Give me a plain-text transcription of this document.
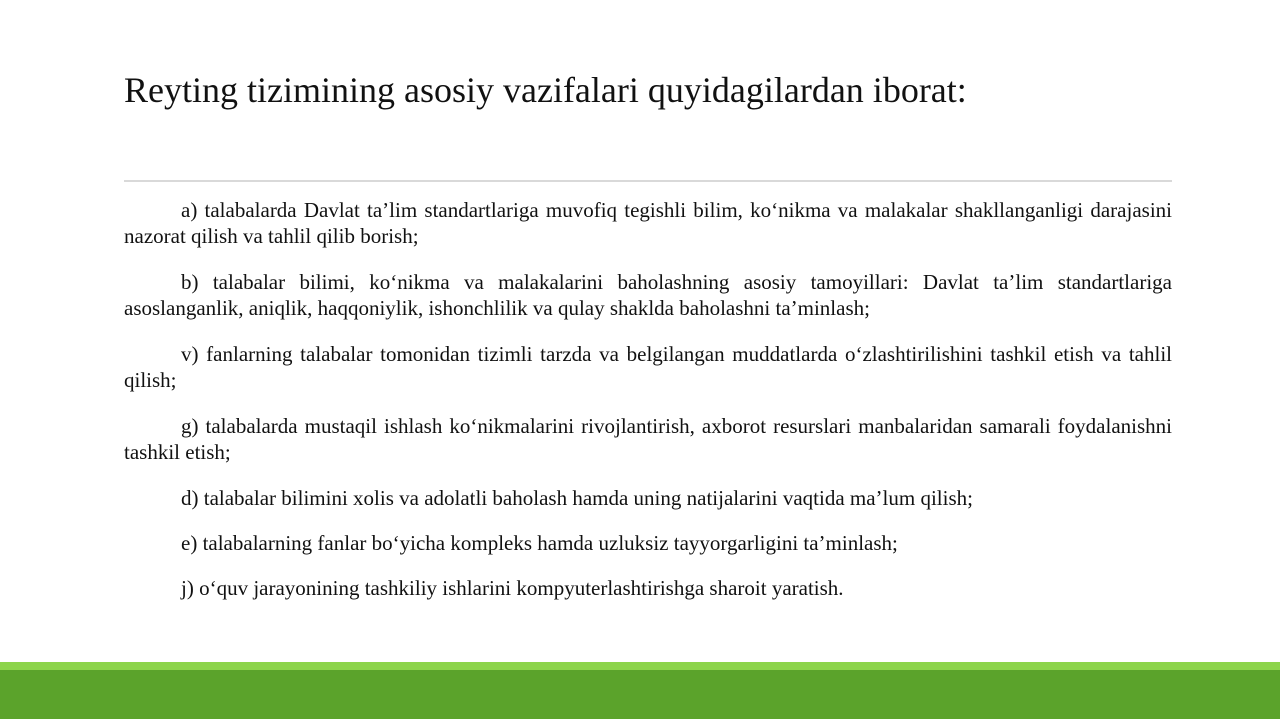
Reyting tizimining asosiy vazifalari quyidagilardan iborat:

a) talabalarda Davlat ta’lim standartlariga muvofiq tegishli bilim, ko‘nikma va malakalar shakllanganligi darajasini nazorat qilish va tahlil qilib borish;

b) talabalar bilimi, ko‘nikma va malakalarini baholashning asosiy tamoyillari: Davlat ta’lim standartlariga asoslanganlik, aniqlik, haqqoniylik, ishonchlilik va qulay shaklda baholashni ta’minlash;

v) fanlarning talabalar tomonidan tizimli tarzda va belgilangan muddatlarda o‘zlashtirilishini tashkil etish va tahlil qilish;

g) talabalarda mustaqil ishlash ko‘nikmalarini rivojlantirish, axborot resurslari manbalaridan samarali foydalanishni tashkil etish;

d) talabalar bilimini xolis va adolatli baholash hamda uning natijalarini vaqtida ma’lum qilish;

e) talabalarning fanlar bo‘yicha kompleks hamda uzluksiz tayyorgarligini ta’minlash;

j) o‘quv jarayonining tashkiliy ishlarini kompyuterlashtirishga sharoit yaratish.
